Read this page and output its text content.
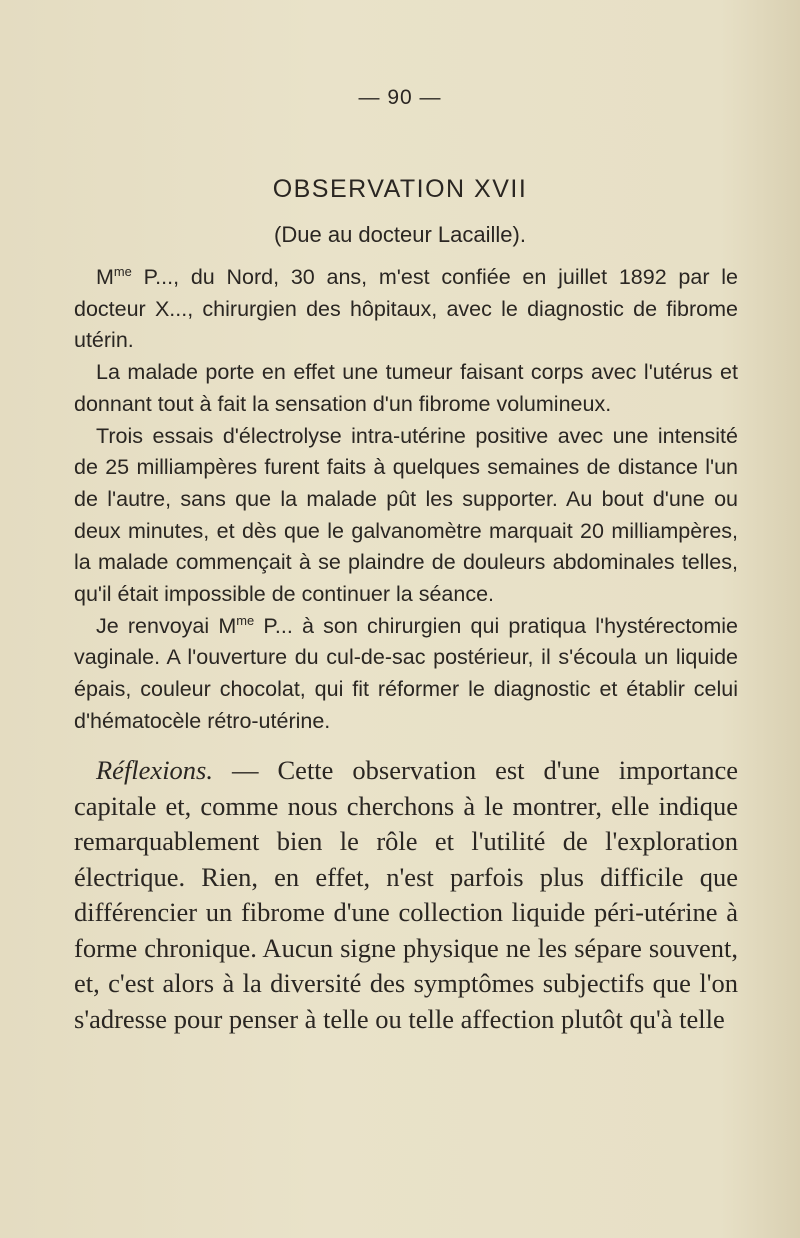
— 90 —
OBSERVATION XVII
(Due au docteur Lacaille).

$M^{me}$ P..., du Nord, 30 ans, m'est confiée en juillet 1892 par le docteur X..., chirurgien des hôpitaux, avec le diagnostic de fibrome utérin.

La malade porte en effet une tumeur faisant corps avec l'utérus et donnant tout à fait la sensation d'un fibrome volumineux.

Trois essais d'électrolyse intra-utérine positive avec une intensité de 25 milliampères furent faits à quelques semaines de distance l'un de l'autre, sans que la malade pût les supporter. Au bout d'une ou deux minutes, et dès que le galvanomètre marquait 20 milliampères, la malade commençait à se plaindre de douleurs abdominales telles, qu'il était impossible de continuer la séance.

Je renvoyai $M^{me}$ P... à son chirurgien qui pratiqua l'hystérectomie vaginale. A l'ouverture du cul-de-sac postérieur, il s'écoula un liquide épais, couleur chocolat, qui fit réformer le diagnostic et établir celui d'hématocèle rétro-utérine.

Réflexions. — Cette observation est d'une importance capitale et, comme nous cherchons à le montrer, elle indique remarquablement bien le rôle et l'utilité de l'exploration électrique. Rien, en effet, n'est parfois plus difficile que différencier un fibrome d'une collection liquide péri-utérine à forme chronique. Aucun signe physique ne les sépare souvent, et, c'est alors à la diversité des symptômes subjectifs que l'on s'adresse pour penser à telle ou telle affection plutôt qu'à telle
